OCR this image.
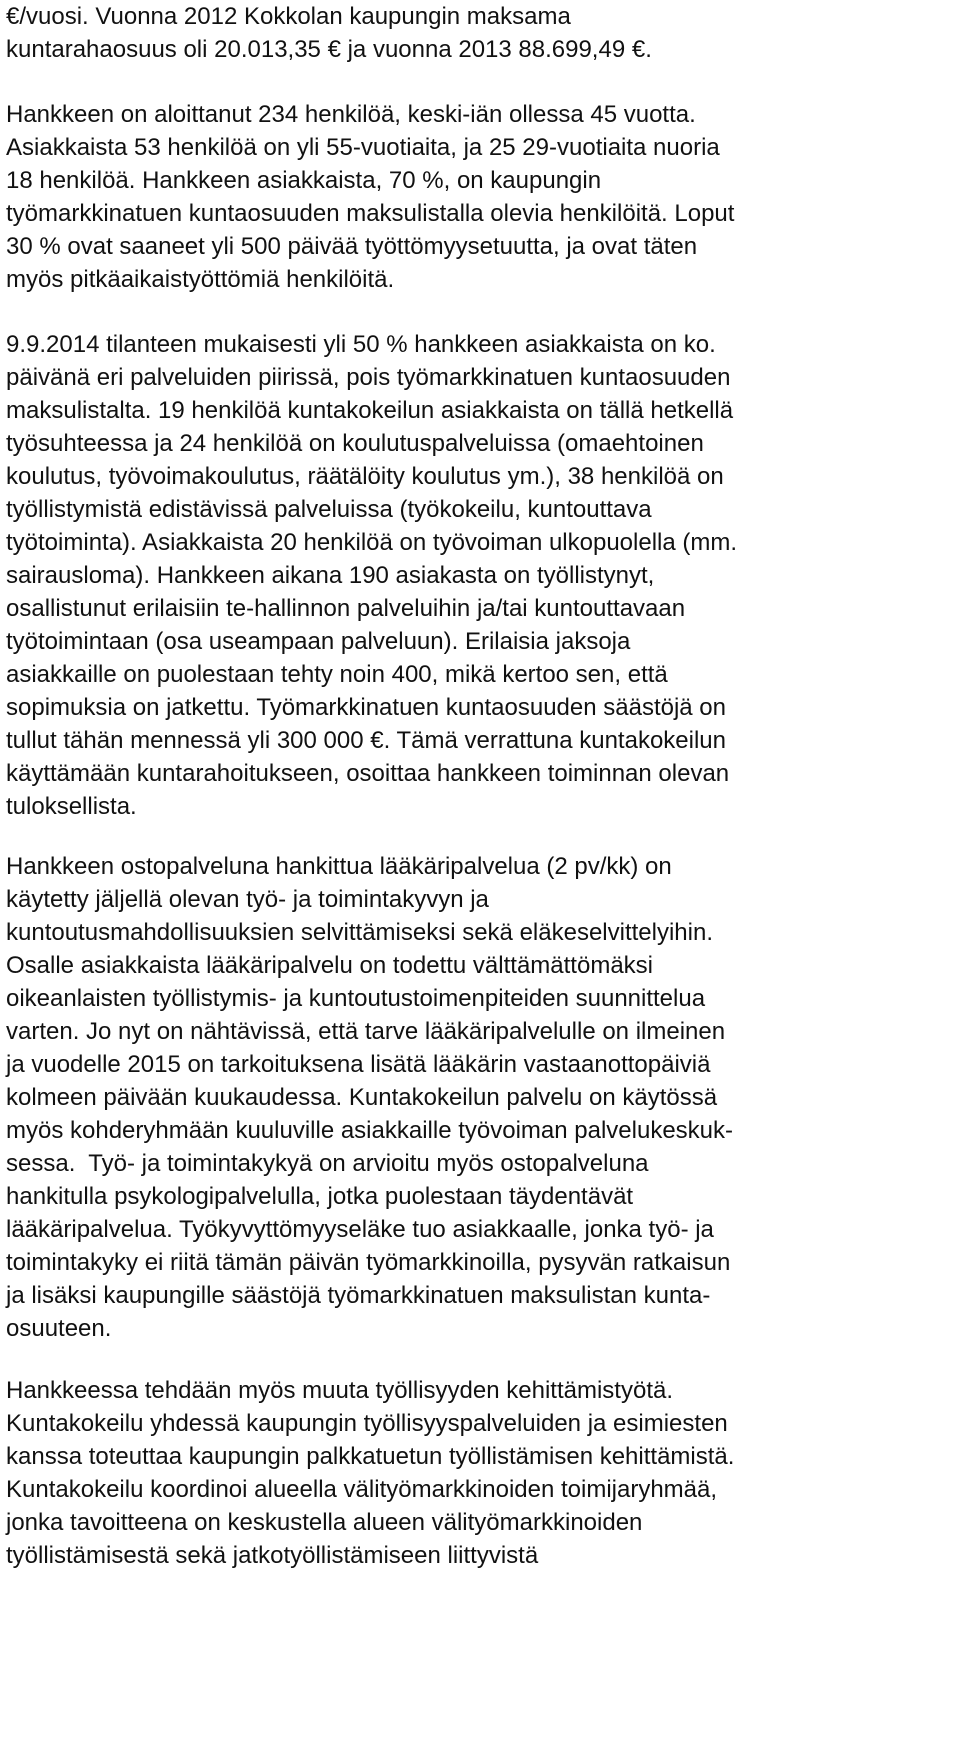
€/vuosi. Vuonna 2012 Kokkolan kaupungin maksama

kuntarahaosuus oli 20.013,35 € ja vuonna 2013 88.699,49 €.

Hankkeen on aloittanut 234 henkilöä, keski-iän ollessa 45 vuotta.

Asiakkaista 53 henkilöä on yli 55-vuotiaita, ja 25 29-vuotiaita nuoria

18 henkilöä. Hankkeen asiakkaista, 70 %, on kaupungin

työmarkkinatuen kuntaosuuden maksulistalla olevia henkilöitä. Loput

30 % ovat saaneet yli 500 päivää työttömyysetuutta, ja ovat täten

myös pitkäaikaistyöttömiä henkilöitä.

9.9.2014 tilanteen mukaisesti yli 50 % hankkeen asiakkaista on ko.

päivänä eri palveluiden piirissä, pois työmarkkinatuen kuntaosuuden

maksulistalta. 19 henkilöä kuntakokeilun asiakkaista on tällä hetkellä

työsuhteessa ja 24 henkilöä on koulutuspalveluissa (omaehtoinen

koulutus, työvoimakoulutus, räätälöity koulutus ym.), 38 henkilöä on

työllistymistä edistävissä palveluissa (työkokeilu, kuntouttava

työtoiminta). Asiakkaista 20 henkilöä on työvoiman ulkopuolella (mm.

sairausloma). Hankkeen aikana 190 asiakasta on työllistynyt,

osallistunut erilaisiin te-hallinnon palveluihin ja/tai kuntouttavaan

työtoimintaan (osa useampaan palveluun). Erilaisia jaksoja

asiakkaille on puolestaan tehty noin 400, mikä kertoo sen, että

sopimuksia on jatkettu. Työmarkkinatuen kuntaosuuden säästöjä on

tullut tähän mennessä yli 300 000 €. Tämä verrattuna kuntakokeilun

käyttämään kuntarahoitukseen, osoittaa hankkeen toiminnan olevan

tuloksellista.

Hankkeen ostopalveluna hankittua lääkäripalvelua (2 pv/kk) on

käytetty jäljellä olevan työ- ja toimintakyvyn ja

kuntoutusmahdollisuuksien selvittämiseksi sekä eläkeselvittelyihin.

Osalle asiakkaista lääkäripalvelu on todettu välttämättömäksi

oikeanlaisten työllistymis- ja kuntoutustoimenpiteiden suunnittelua

varten. Jo nyt on nähtävissä, että tarve lääkäripalvelulle on ilmeinen

ja vuodelle 2015 on tarkoituksena lisätä lääkärin vastaanottopäiviä

kolmeen päivään kuukaudessa. Kuntakokeilun palvelu on käytössä

myös kohderyhmään kuuluville asiakkaille työvoiman palvelukeskuk-

sessa.  Työ- ja toimintakykyä on arvioitu myös ostopalveluna

hankitulla psykologipalvelulla, jotka puolestaan täydentävät

lääkäripalvelua. Työkyvyttömyyseläke tuo asiakkaalle, jonka työ- ja

toimintakyky ei riitä tämän päivän työmarkkinoilla, pysyvän ratkaisun

ja lisäksi kaupungille säästöjä työmarkkinatuen maksulistan kunta-

osuuteen.

Hankkeessa tehdään myös muuta työllisyyden kehittämistyötä.

Kuntakokeilu yhdessä kaupungin työllisyyspalveluiden ja esimiesten

kanssa toteuttaa kaupungin palkkatuetun työllistämisen kehittämistä.

Kuntakokeilu koordinoi alueella välityömarkkinoiden toimijaryhmää,

jonka tavoitteena on keskustella alueen välityömarkkinoiden

työllistämisestä sekä jatkotyöllistämiseen liittyvistä
